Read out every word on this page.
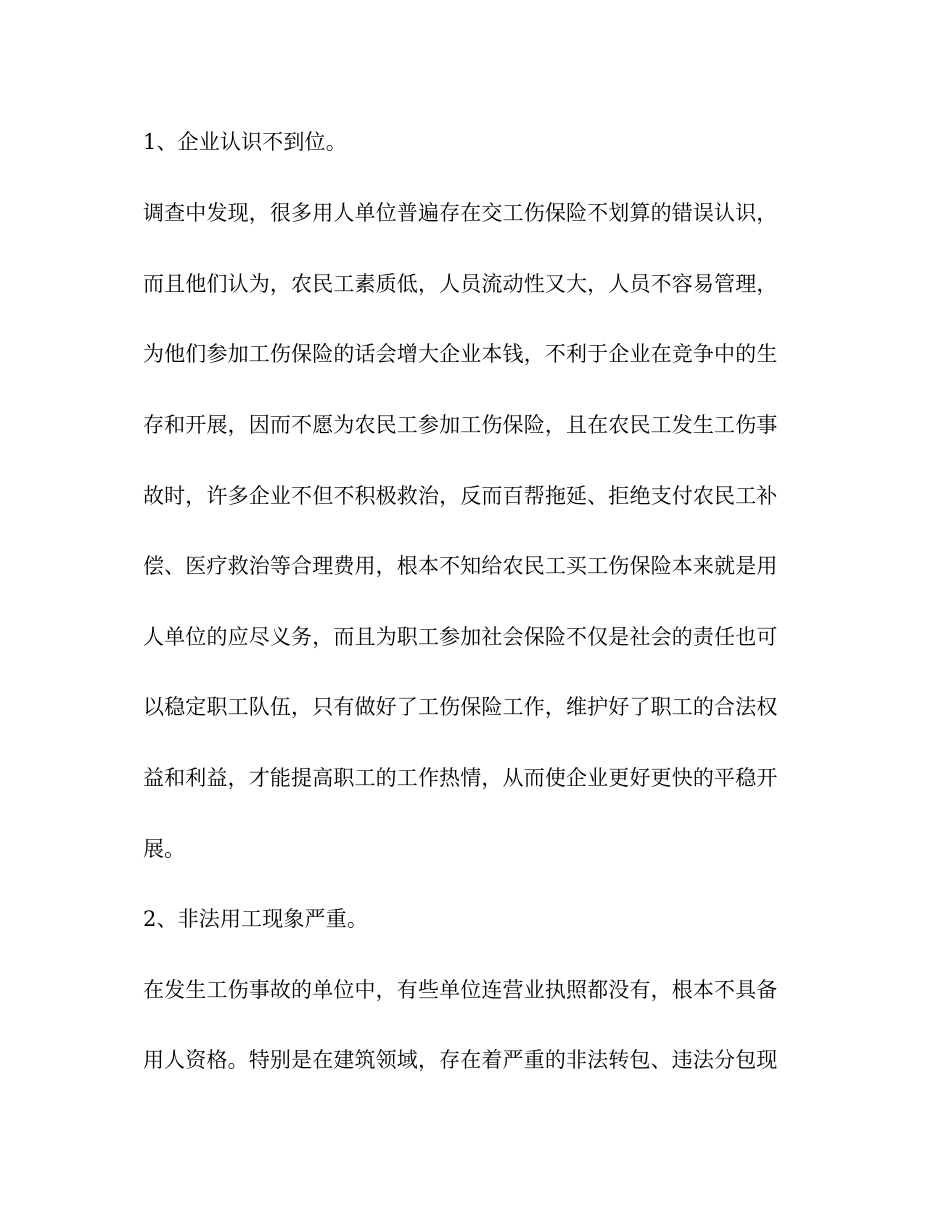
1、企业认识不到位。
调查中发现，很多用人单位普遍存在交工伤保险不划算的错误认识，
而且他们认为，农民工素质低，人员流动性又大，人员不容易管理，
为他们参加工伤保险的话会增大企业本钱，不利于企业在竞争中的生
存和开展，因而不愿为农民工参加工伤保险，且在农民工发生工伤事
故时，许多企业不但不积极救治，反而百帮拖延、拒绝支付农民工补
偿、医疗救治等合理费用，根本不知给农民工买工伤保险本来就是用
人单位的应尽义务，而且为职工参加社会保险不仅是社会的责任也可
以稳定职工队伍，只有做好了工伤保险工作，维护好了职工的合法权
益和利益，才能提高职工的工作热情，从而使企业更好更快的平稳开
展。
2、非法用工现象严重。
在发生工伤事故的单位中，有些单位连营业执照都没有，根本不具备
用人资格。特别是在建筑领域，存在着严重的非法转包、违法分包现
